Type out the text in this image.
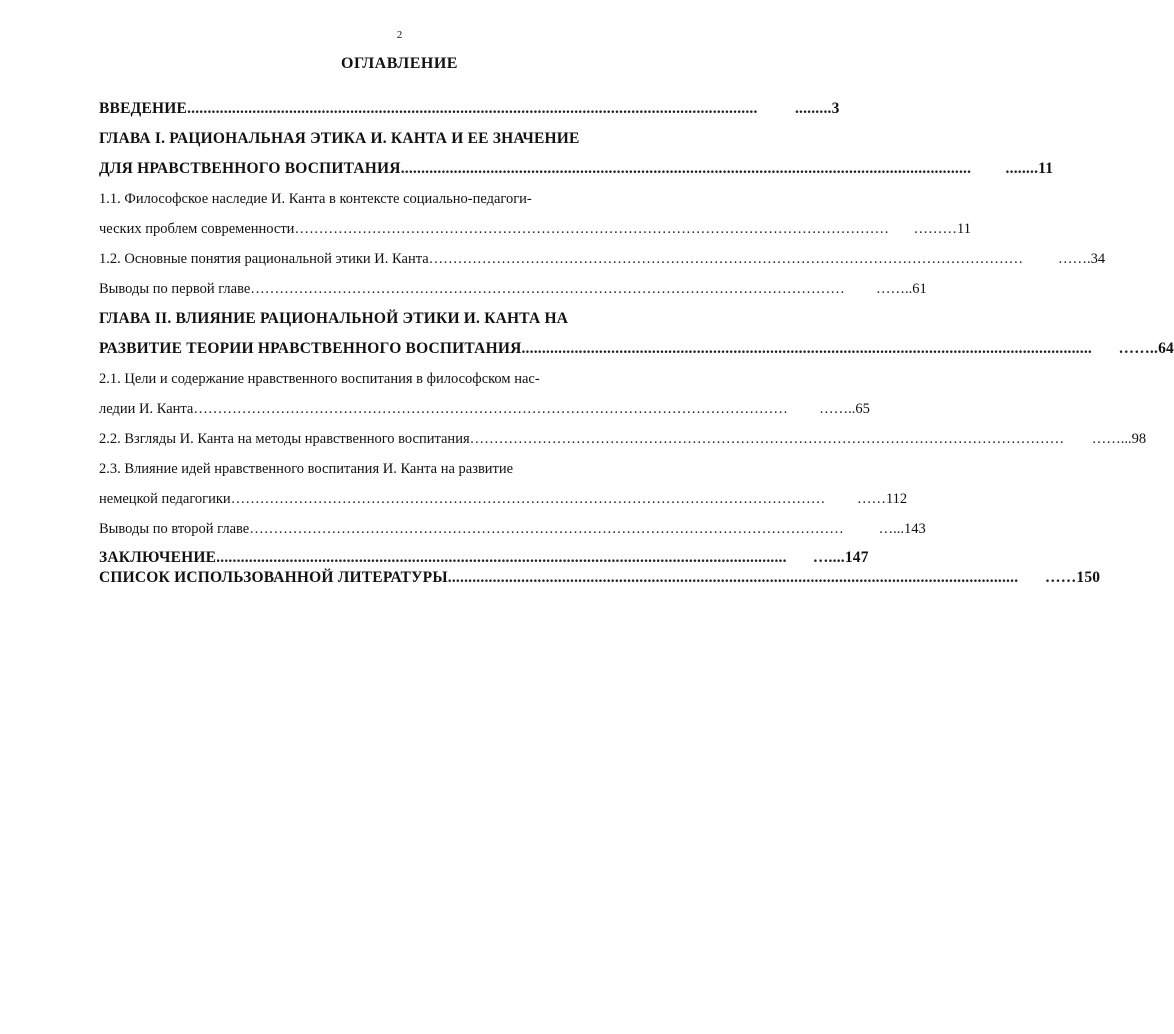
2
ОГЛАВЛЕНИЕ
ВВЕДЕНИЕ ............................................................................................................................................	.........3
ГЛАВА I. РАЦИОНАЛЬНАЯ ЭТИКА И. КАНТА И ЕЕ ЗНАЧЕНИЕ
ДЛЯ НРАВСТВЕННОГО ВОСПИТАНИЯ ............................................................................................................................................	........11
1.1. Философское наследие И. Канта в контексте социально-педагоги-
ческих проблем современности ……………………………………………………………………………………………………………	………11
1.2. Основные понятия рациональной этики И. Канта ……………………………………………………………………………………………………………	…….34
Выводы по первой главе ……………………………………………………………………………………………………………	……..61
ГЛАВА II. ВЛИЯНИЕ РАЦИОНАЛЬНОЙ ЭТИКИ И. КАНТА НА
РАЗВИТИЕ ТЕОРИИ НРАВСТВЕННОГО ВОСПИТАНИЯ ............................................................................................................................................	……..64
2.1. Цели и содержание нравственного воспитания в философском нас-
ледии И. Канта ……………………………………………………………………………………………………………	……..65
2.2. Взгляды И. Канта на методы нравственного воспитания ……………………………………………………………………………………………………………	……...98
2.3. Влияние идей нравственного воспитания И. Канта на развитие
немецкой педагогики ……………………………………………………………………………………………………………	……112
Выводы по второй главе ……………………………………………………………………………………………………………	…...143
ЗАКЛЮЧЕНИЕ ............................................................................................................................................	…....147
СПИСОК ИСПОЛЬЗОВАННОЙ ЛИТЕРАТУРЫ ............................................................................................................................................	……150
